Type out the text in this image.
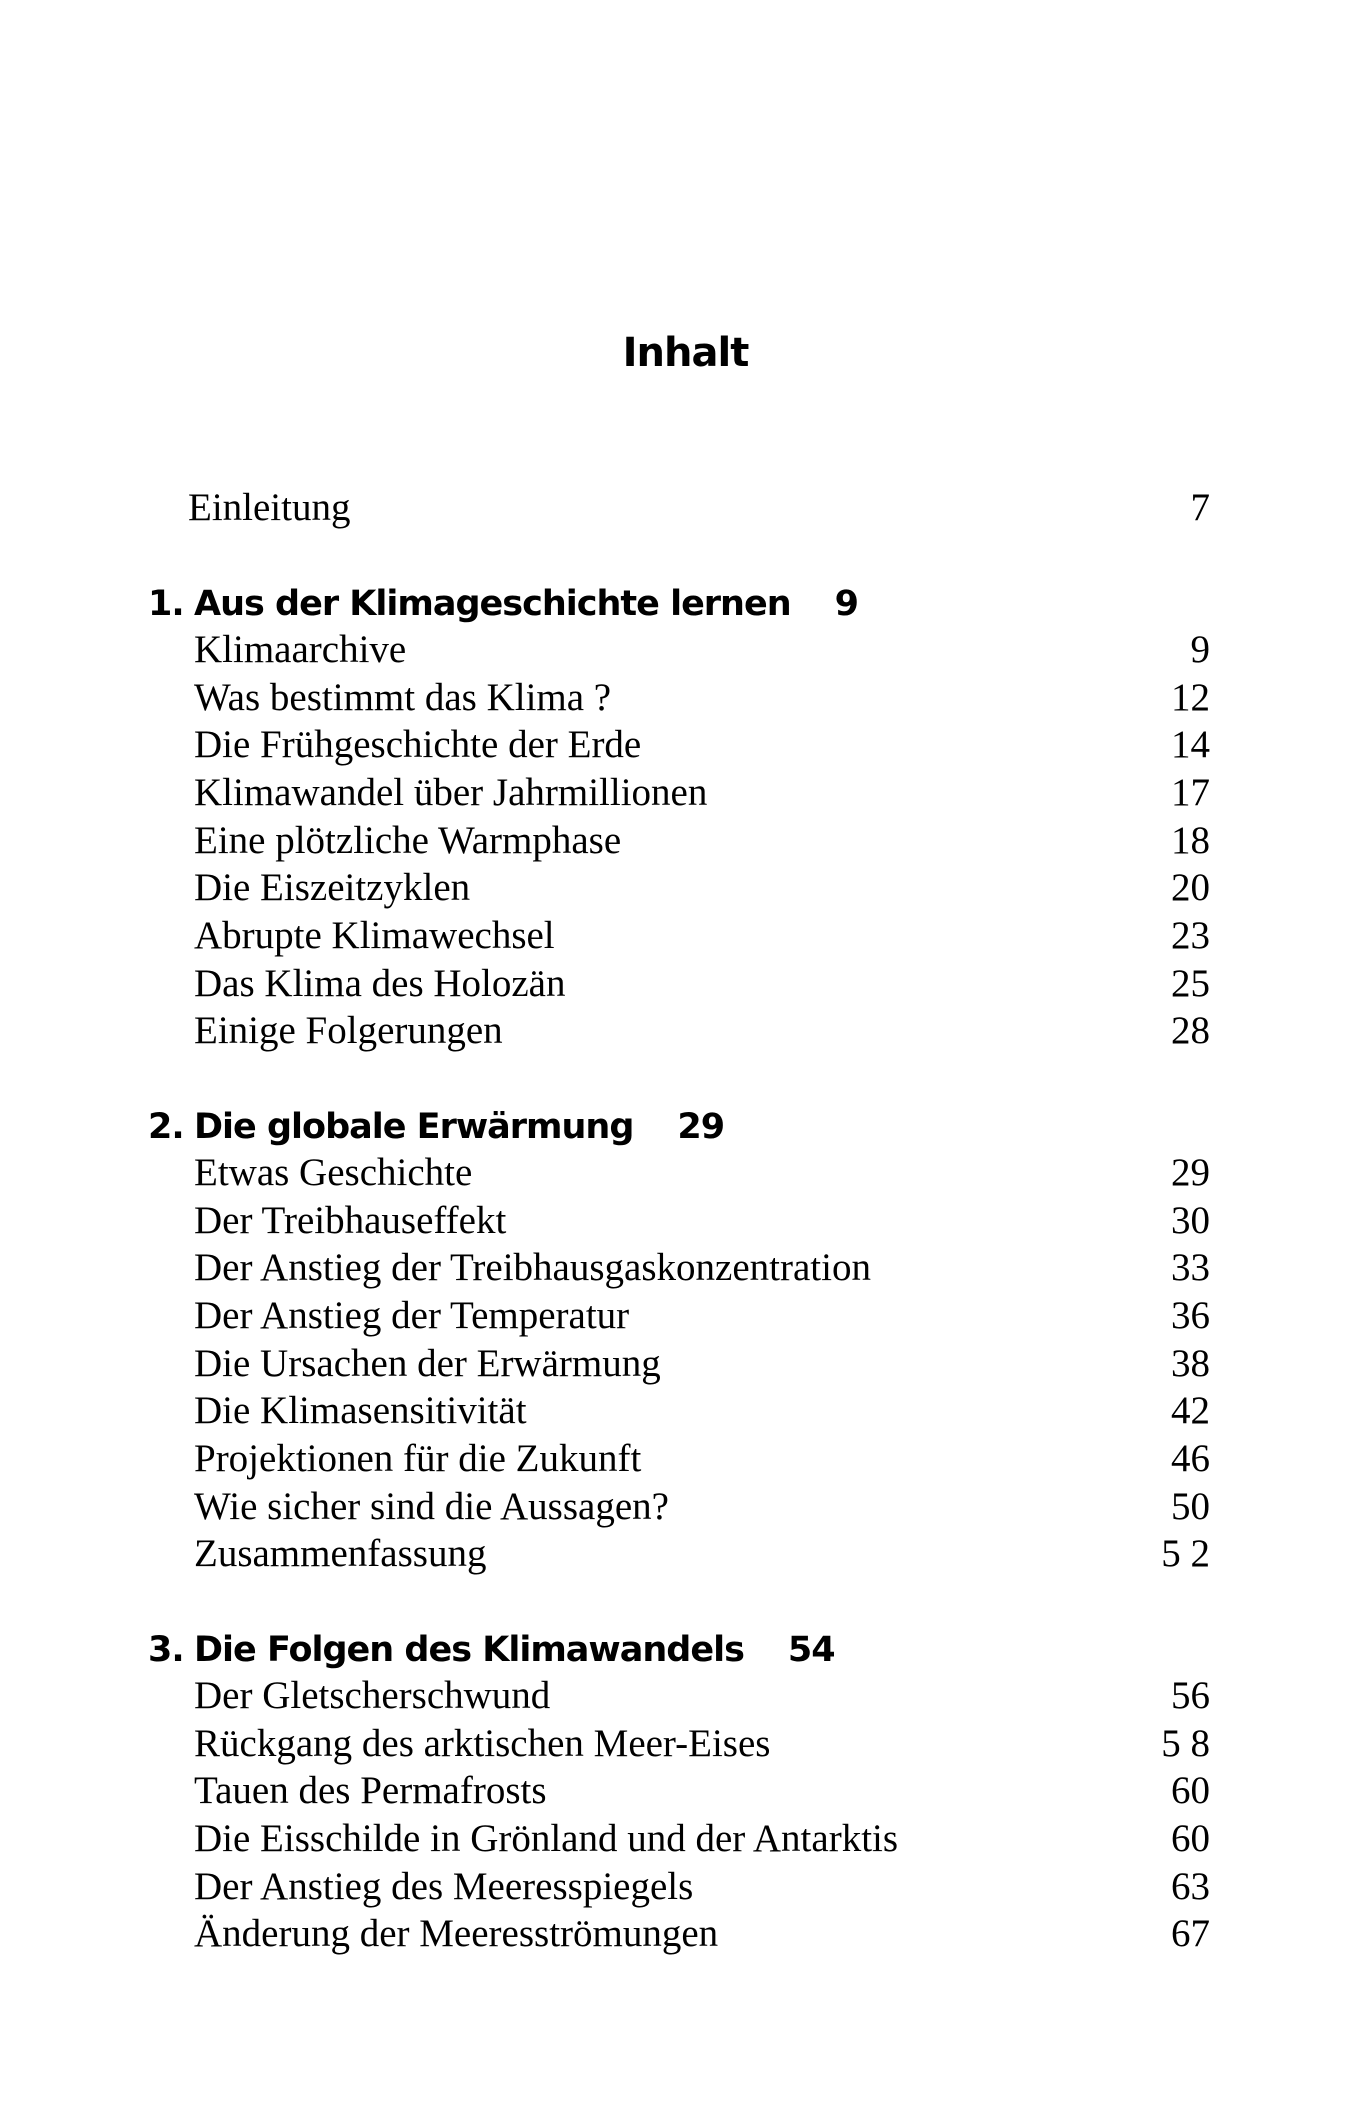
Inhalt
Einleitung	7
1. Aus der Klimageschichte lernen 9
Klimaarchive	9
Was bestimmt das Klima ?	12
Die Frühgeschichte der Erde	14
Klimawandel über Jahrmillionen	17
Eine plötzliche Warmphase	18
Die Eiszeitzyklen	20
Abrupte Klimawechsel	23
Das Klima des Holozän	25
Einige Folgerungen	28
2. Die globale Erwärmung 29
Etwas Geschichte	29
Der Treibhauseffekt	30
Der Anstieg der Treibhausgaskonzentration	33
Der Anstieg der Temperatur	36
Die Ursachen der Erwärmung	38
Die Klimasensitivität	42
Projektionen für die Zukunft	46
Wie sicher sind die Aussagen?	50
Zusammenfassung	5 2
3. Die Folgen des Klimawandels 54
Der Gletscherschwund	56
Rückgang des arktischen Meer-Eises	5 8
Tauen des Permafrosts	60
Die Eisschilde in Grönland und der Antarktis	60
Der Anstieg des Meeresspiegels	63
Änderung der Meeresströmungen	67
